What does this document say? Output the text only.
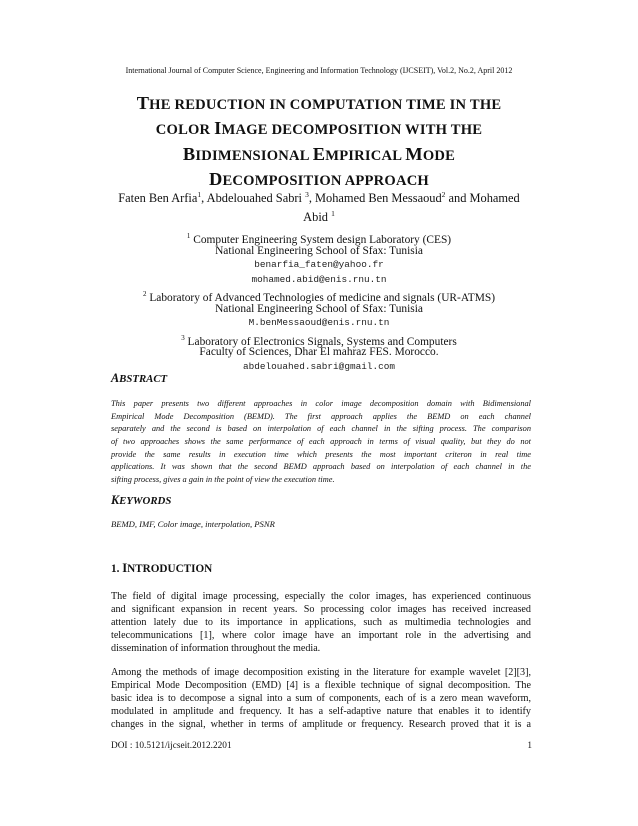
International Journal of Computer Science, Engineering and Information Technology (IJCSEIT), Vol.2, No.2, April 2012
THE REDUCTION IN COMPUTATION TIME IN THE
COLOR IMAGE DECOMPOSITION WITH THE
BIDIMENSIONAL EMPIRICAL MODE
DECOMPOSITION APPROACH
Faten Ben Arfia$^1$, Abdelouahed Sabri $^3$, Mohamed Ben Messaoud$^2$ and Mohamed Abid $^1$
$^1$ Computer Engineering System design Laboratory (CES)
National Engineering School of Sfax: Tunisia
benarfia_faten@yahoo.fr
mohamed.abid@enis.rnu.tn
$^2$ Laboratory of Advanced Technologies of medicine and signals (UR-ATMS)
National Engineering School of Sfax: Tunisia
M.benMessaoud@enis.rnu.tn
$^3$ Laboratory of Electronics Signals, Systems and Computers
Faculty of Sciences, Dhar El mahraz FES. Morocco.
abdelouahed.sabri@gmail.com
ABSTRACT
This paper presents two different approaches in color image decomposition domain with Bidimensional
Empirical Mode Decomposition (BEMD). The first approach applies the BEMD on each channel
separately and the second is based on interpolation of each channel in the sifting process. The comparison
of two approaches shows the same performance of each approach in terms of visual quality, but they do not
provide the same results in execution time which presents the most important criteron in real time
applications. It was shown that the second BEMD approach based on interpolation of each channel in the
sifting process, gives a gain in the point of view the execution time.
KEYWORDS
BEMD, IMF, Color image, interpolation, PSNR
1. INTRODUCTION
The field of digital image processing, especially the color images, has experienced continuous
and significant expansion in recent years. So processing color images has received increased
attention lately due to its importance in applications, such as multimedia technologies and
telecommunications [1], where color image have an important role in the advertising and
dissemination of information throughout the media.
Among the methods of image decomposition existing in the literature for example wavelet [2][3],
Empirical Mode Decomposition (EMD) [4] is a flexible technique of signal decomposition. The
basic idea is to decompose a signal into a sum of components, each of is a zero mean waveform,
modulated in amplitude and frequency. It has a self-adaptive nature that enables it to identify
changes in the signal, whether in terms of amplitude or frequency. Research proved that it is a
DOI : 10.5121/ijcseit.2012.2201	1
